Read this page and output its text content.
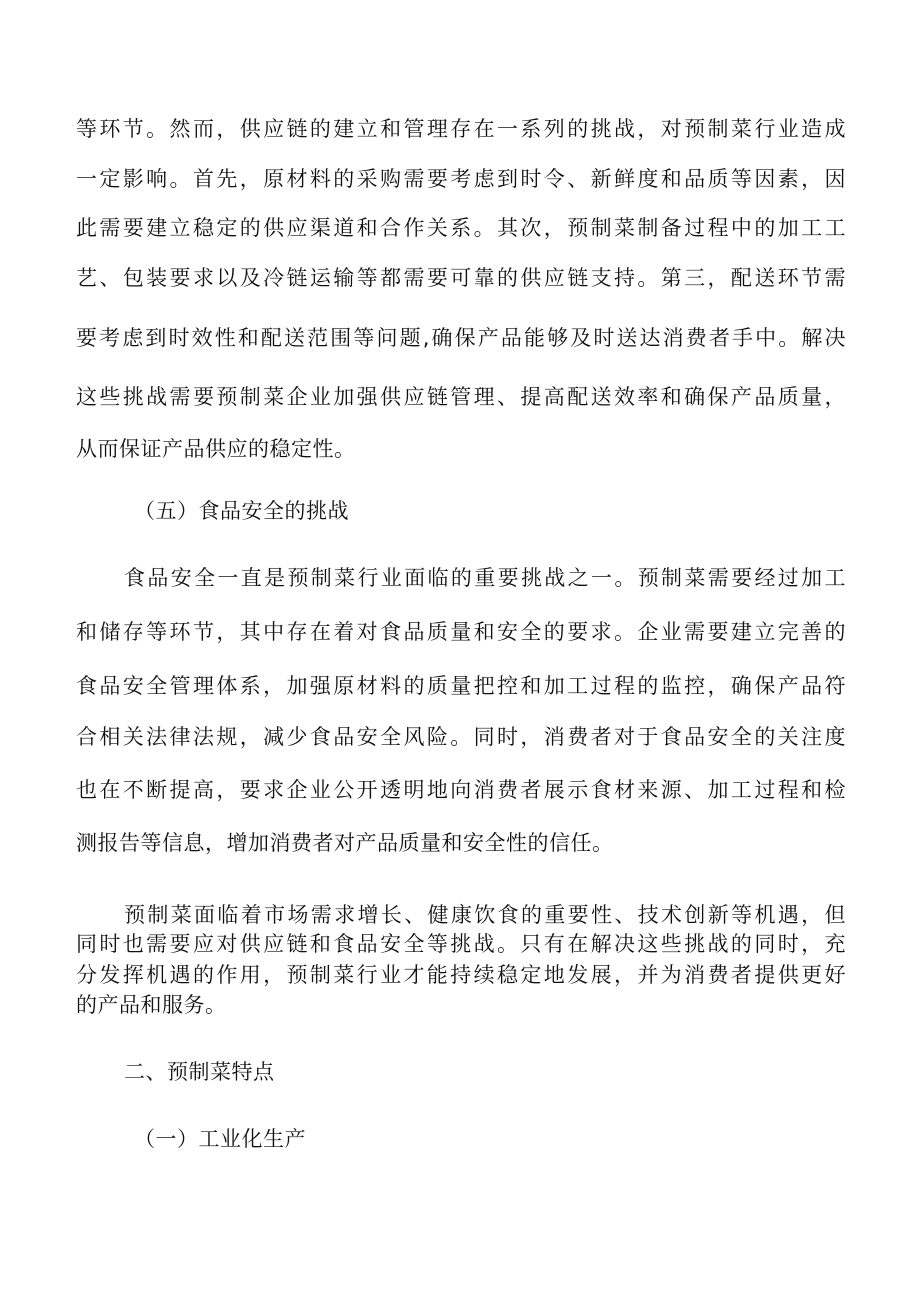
等环节。然而，供应链的建立和管理存在一系列的挑战，对预制菜行业造成
一定影响。首先，原材料的采购需要考虑到时令、新鲜度和品质等因素，因
此需要建立稳定的供应渠道和合作关系。其次，预制菜制备过程中的加工工
艺、包装要求以及冷链运输等都需要可靠的供应链支持。第三，配送环节需
要考虑到时效性和配送范围等问题,确保产品能够及时送达消费者手中。解决
这些挑战需要预制菜企业加强供应链管理、提高配送效率和确保产品质量，
从而保证产品供应的稳定性。
（五）食品安全的挑战
食品安全一直是预制菜行业面临的重要挑战之一。预制菜需要经过加工
和储存等环节，其中存在着对食品质量和安全的要求。企业需要建立完善的
食品安全管理体系，加强原材料的质量把控和加工过程的监控，确保产品符
合相关法律法规，减少食品安全风险。同时，消费者对于食品安全的关注度
也在不断提高，要求企业公开透明地向消费者展示食材来源、加工过程和检
测报告等信息，增加消费者对产品质量和安全性的信任。
预制菜面临着市场需求增长、健康饮食的重要性、技术创新等机遇，但
同时也需要应对供应链和食品安全等挑战。只有在解决这些挑战的同时，充
分发挥机遇的作用，预制菜行业才能持续稳定地发展，并为消费者提供更好
的产品和服务。
二、预制菜特点
（一）工业化生产
